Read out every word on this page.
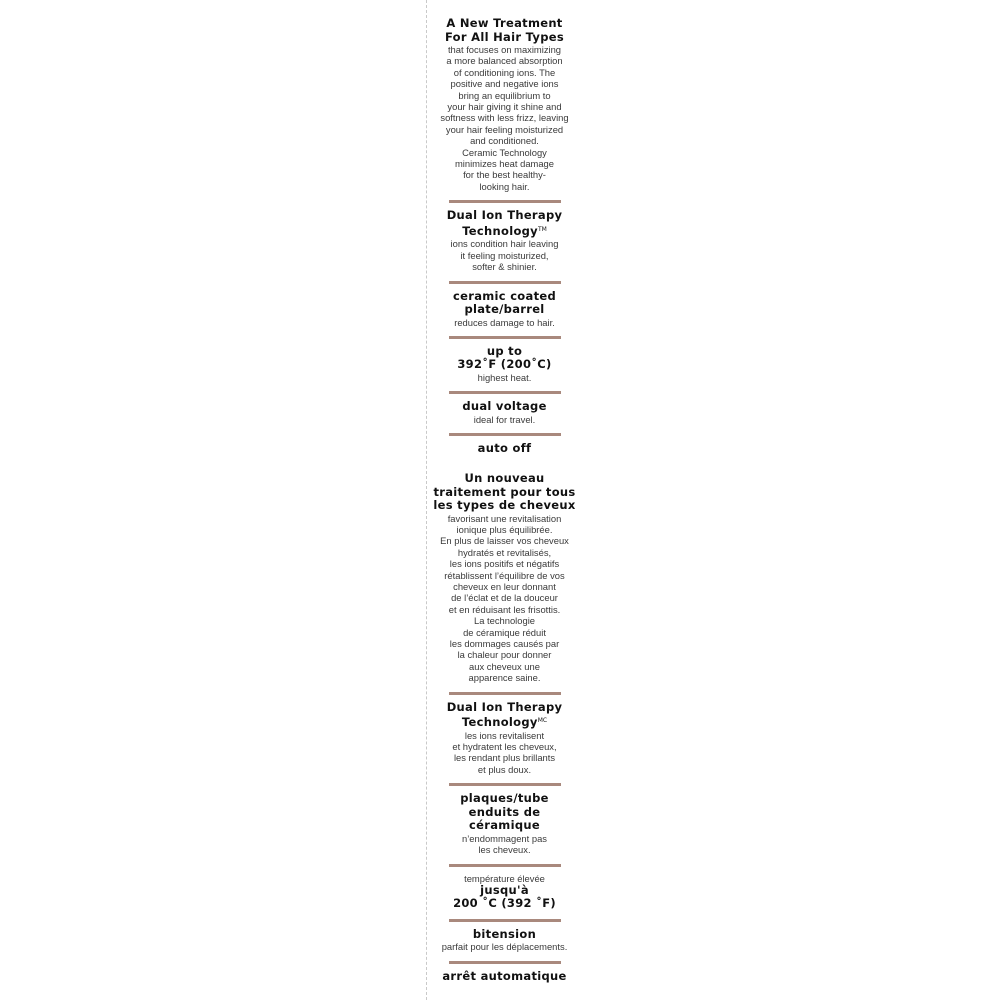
A New Treatment
For All Hair Types
that focuses on maximizing
a more balanced absorption
of conditioning ions. The
positive and negative ions
bring an equilibrium to
your hair giving it shine and
softness with less frizz, leaving
your hair feeling moisturized
and conditioned.
Ceramic Technology
minimizes heat damage
for the best healthy-
looking hair.
Dual Ion Therapy
Technology™
ions condition hair leaving
it feeling moisturized,
softer & shinier.
ceramic coated
plate/barrel
reduces damage to hair.
up to
392˚F (200˚C)
highest heat.
dual voltage
ideal for travel.
auto off
Un nouveau
traitement pour tous
les types de cheveux
favorisant une revitalisation
ionique plus équilibrée.
En plus de laisser vos cheveux
hydratés et revitalisés,
les ions positifs et négatifs
rétablissent l’équilibre de vos
cheveux en leur donnant
de l’éclat et de la douceur
et en réduisant les frisottis.
La technologie
de céramique réduit
les dommages causés par
la chaleur pour donner
aux cheveux une
apparence saine.
Dual Ion Therapy
Technology$^{MC}$
les ions revitalisent
et hydratent les cheveux,
les rendant plus brillants
et plus doux.
plaques/tube
enduits de
céramique
n’endommagent pas
les cheveux.
température élevée
jusqu'à
200 ˚C (392 ˚F)
bitension
parfait pour les déplacements.
arrêt automatique
